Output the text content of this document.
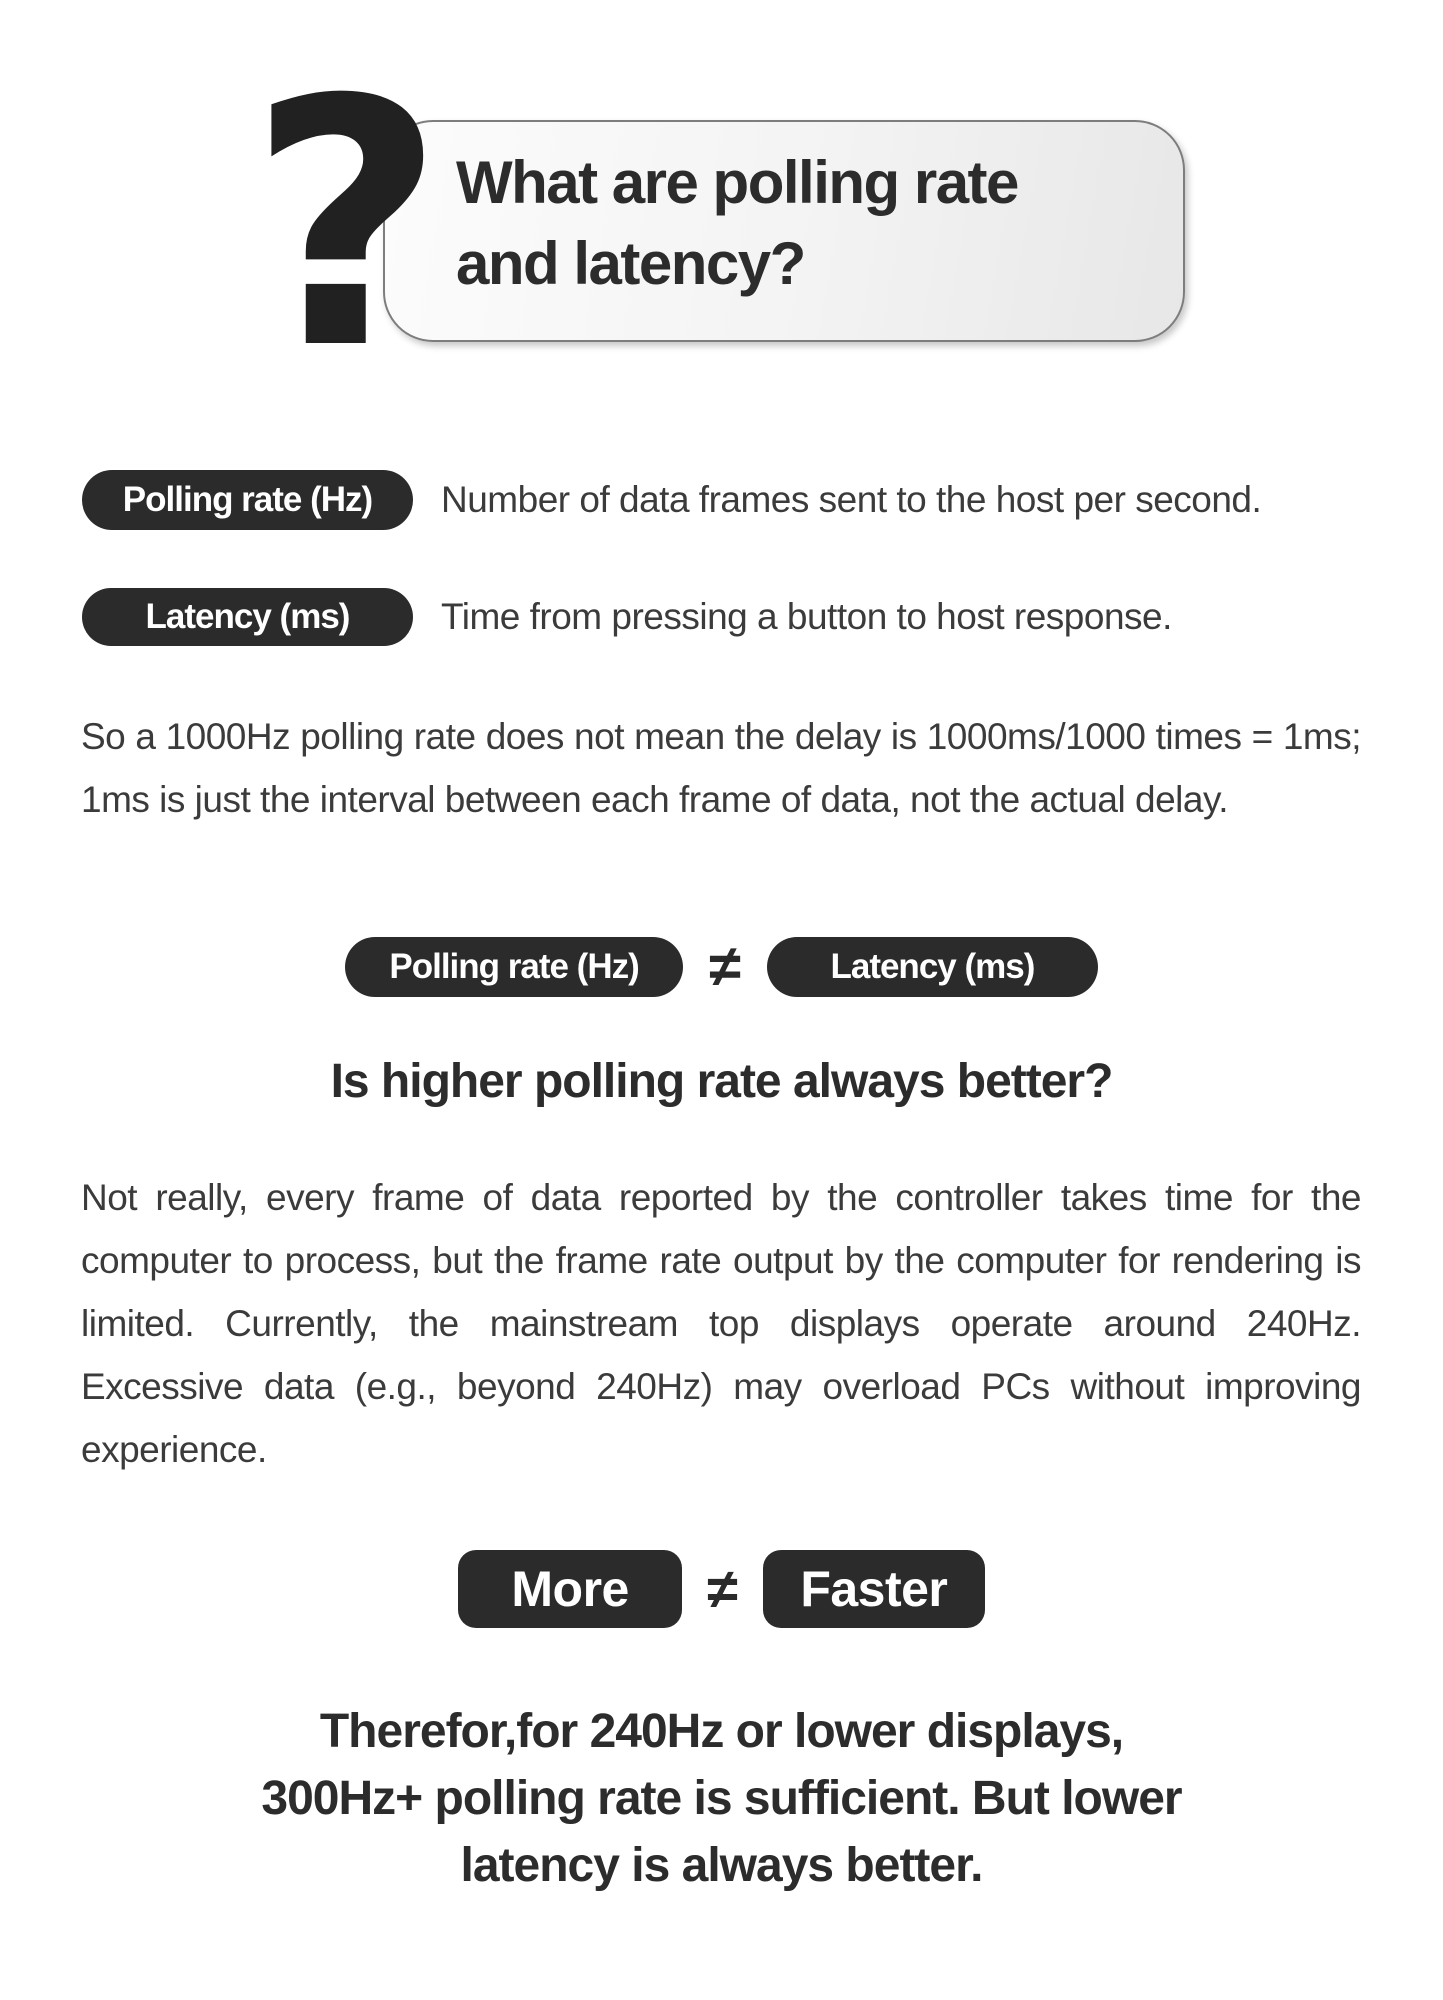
? What are polling rate
and latency?
Polling rate (Hz)	Number of data frames sent to the host per second.
Latency (ms)	Time from pressing a button to host response.

So a 1000Hz polling rate does not mean the delay is 1000ms/1000 times = 1ms; 1ms is just the interval between each frame of data, not the actual delay.

Polling rate (Hz)	≠	Latency (ms)
Is higher polling rate always better?

Not really, every frame of data reported by the controller takes time for the computer to process, but the frame rate output by the computer for rendering is limited. Currently, the mainstream top displays operate around 240Hz. Excessive data (e.g., beyond 240Hz) may overload PCs without improving experience.

More	≠	Faster
Therefor,for 240Hz or lower displays,
300Hz+ polling rate is sufficient. But lower
latency is always better.
